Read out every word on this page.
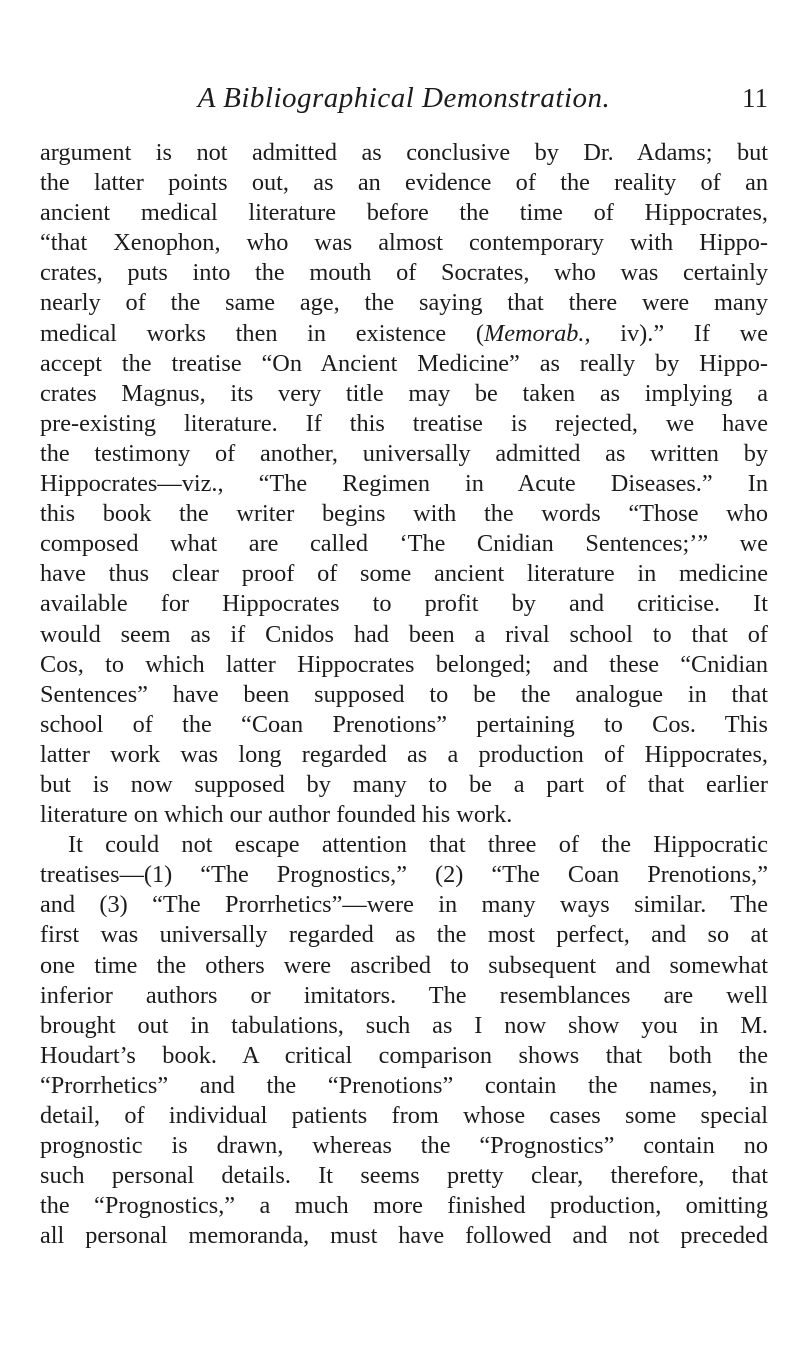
A Bibliographical Demonstration.	11
argument is not admitted as conclusive by Dr. Adams; but
the latter points out, as an evidence of the reality of an
ancient medical literature before the time of Hippocrates,
“that Xenophon, who was almost contemporary with Hippo-
crates, puts into the mouth of Socrates, who was certainly
nearly of the same age, the saying that there were many
medical works then in existence (Memorab., iv).” If we
accept the treatise “On Ancient Medicine” as really by Hippo-
crates Magnus, its very title may be taken as implying a
pre-existing literature. If this treatise is rejected, we have
the testimony of another, universally admitted as written by
Hippocrates—viz., “The Regimen in Acute Diseases.” In
this book the writer begins with the words “Those who
composed what are called ‘The Cnidian Sentences;’” we
have thus clear proof of some ancient literature in medicine
available for Hippocrates to profit by and criticise. It
would seem as if Cnidos had been a rival school to that of
Cos, to which latter Hippocrates belonged; and these “Cnidian
Sentences” have been supposed to be the analogue in that
school of the “Coan Prenotions” pertaining to Cos. This
latter work was long regarded as a production of Hippocrates,
but is now supposed by many to be a part of that earlier
literature on which our author founded his work.
It could not escape attention that three of the Hippocratic
treatises—(1) “The Prognostics,” (2) “The Coan Prenotions,”
and (3) “The Prorrhetics”—were in many ways similar. The
first was universally regarded as the most perfect, and so at
one time the others were ascribed to subsequent and somewhat
inferior authors or imitators. The resemblances are well
brought out in tabulations, such as I now show you in M.
Houdart’s book. A critical comparison shows that both the
“Prorrhetics” and the “Prenotions” contain the names, in
detail, of individual patients from whose cases some special
prognostic is drawn, whereas the “Prognostics” contain no
such personal details. It seems pretty clear, therefore, that
the “Prognostics,” a much more finished production, omitting
all personal memoranda, must have followed and not preceded
